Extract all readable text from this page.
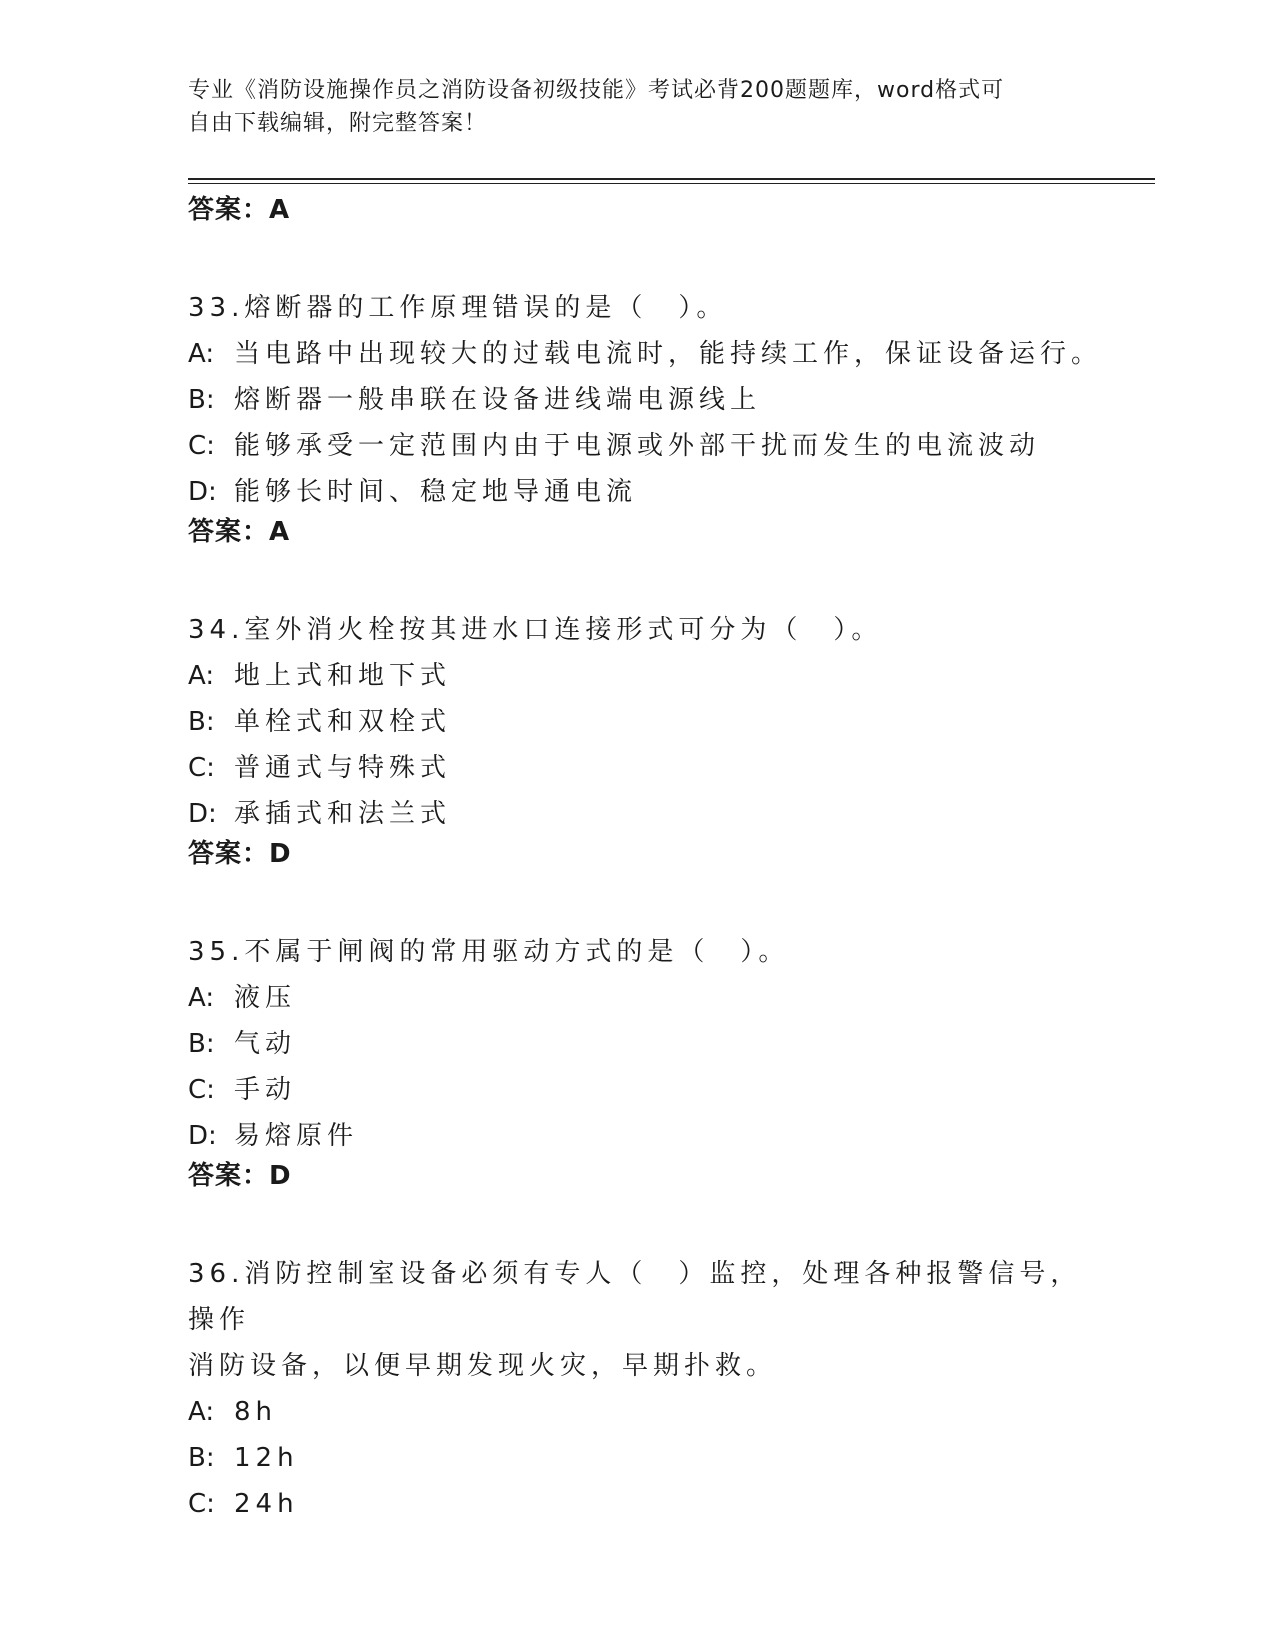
专业《消防设施操作员之消防设备初级技能》考试必背200题题库，word格式可
自由下载编辑，附完整答案！

答案：A

33.熔断器的工作原理错误的是（　）。

A: 当电路中出现较大的过载电流时，能持续工作，保证设备运行。

B: 熔断器一般串联在设备进线端电源线上

C: 能够承受一定范围内由于电源或外部干扰而发生的电流波动

D: 能够长时间、稳定地导通电流

答案：A

34.室外消火栓按其进水口连接形式可分为（　）。

A: 地上式和地下式

B: 单栓式和双栓式

C: 普通式与特殊式

D: 承插式和法兰式

答案：D

35.不属于闸阀的常用驱动方式的是（　）。

A: 液压

B: 气动

C: 手动

D: 易熔原件

答案：D

36.消防控制室设备必须有专人（　）监控，处理各种报警信号，操作

消防设备，以便早期发现火灾，早期扑救。

A: 8h

B: 12h

C: 24h
